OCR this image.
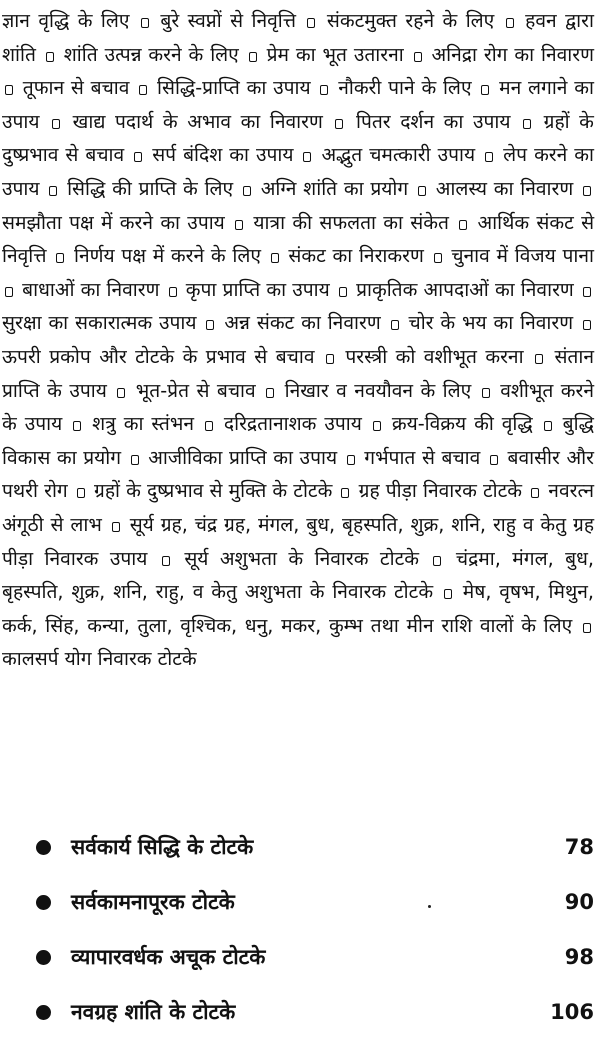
ज्ञान वृद्धि के लिए बुरे स्वप्नों से निवृत्ति संकटमुक्त रहने के लिए हवन द्वारा शांति शांति उत्पन्न करने के लिए प्रेम का भूत उतारना अनिद्रा रोग का निवारण  तूफान से बचाव सिद्धि-प्राप्ति का उपाय नौकरी पाने के लिए मन लगाने का उपाय खाद्य पदार्थ के अभाव का निवारण पितर दर्शन का उपाय ग्रहों के दुष्प्रभाव से बचाव सर्प बंदिश का उपाय अद्भुत चमत्कारी उपाय लेप करने का उपाय सिद्धि की प्राप्ति के लिए अग्नि शांति का प्रयोग आलस्य का निवारण  समझौता पक्ष में करने का उपाय यात्रा की सफलता का संकेत आर्थिक संकट से निवृत्ति निर्णय पक्ष में करने के लिए संकट का निराकरण चुनाव में विजय पाना  बाधाओं का निवारण कृपा प्राप्ति का उपाय प्राकृतिक आपदाओं का निवारण  सुरक्षा का सकारात्मक उपाय अन्न संकट का निवारण चोर के भय का निवारण  ऊपरी प्रकोप और टोटके के प्रभाव से बचाव परस्त्री को वशीभूत करना संतान प्राप्ति के उपाय भूत-प्रेत से बचाव निखार व नवयौवन के लिए वशीभूत करने के उपाय शत्रु का स्तंभन दरिद्रतानाशक उपाय क्रय-विक्रय की वृद्धि बुद्धि विकास का प्रयोग आजीविका प्राप्ति का उपाय गर्भपात से बचाव बवासीर और पथरी रोग ग्रहों के दुष्प्रभाव से मुक्ति के टोटके ग्रह पीड़ा निवारक टोटके नवरत्न अंगूठी से लाभ सूर्य ग्रह, चंद्र ग्रह, मंगल, बुध, बृहस्पति, शुक्र, शनि, राहु व केतु ग्रह पीड़ा निवारक उपाय सूर्य अशुभता के निवारक टोटके चंद्रमा, मंगल, बुध, बृहस्पति, शुक्र, शनि, राहु, व केतु अशुभता के निवारक टोटके मेष, वृषभ, मिथुन, कर्क, सिंह, कन्या, तुला, वृश्चिक, धनु, मकर, कुम्भ तथा मीन राशि वालों के लिए  कालसर्प योग निवारक टोटके

सर्वकार्य सिद्धि के टोटके	78
सर्वकामनापूरक टोटके	90
व्यापारवर्धक अचूक टोटके	98
नवग्रह शांति के टोटके	106
